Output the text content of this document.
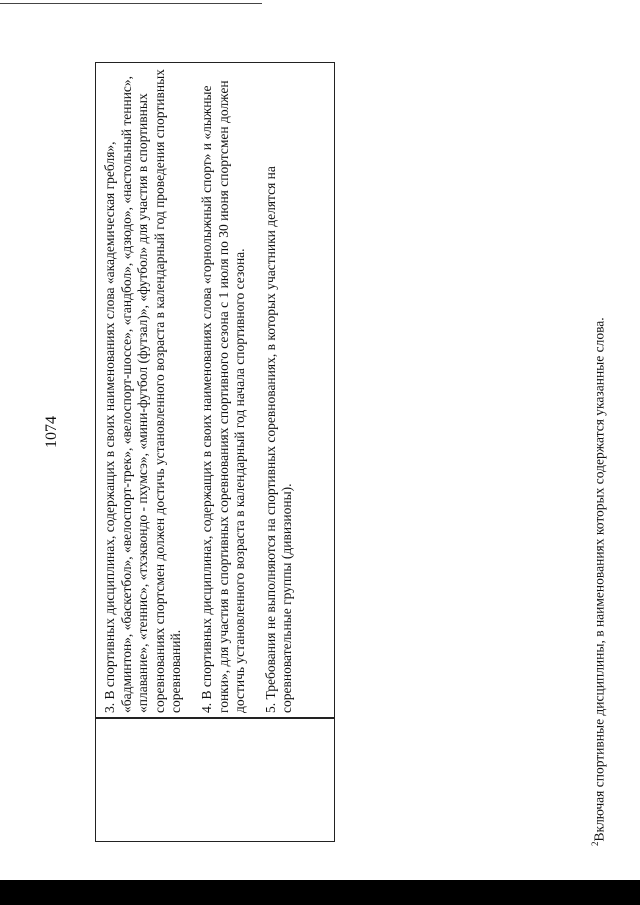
1074	3. В спортивных дисциплинах, содержащих в своих наименованиях слова «академическая гребля», «бадминтон», «баскетбол», «велоспорт-трек», «велоспорт-шоссе», «гандбол», «дзюдо», «настольный теннис», «плавание», «теннис», «тхэквондо - пхумсэ», «мини-футбол (футзал)», «футбол» для участия в спортивных соревнованиях спортсмен должен достичь установленного возраста в календарный год проведения спортивных соревнований. 4. В спортивных дисциплинах, содержащих в своих наименованиях слова «горнолыжный спорт» и «лыжные гонки», для участия в спортивных соревнованиях спортивного сезона с 1 июля по 30 июня спортсмен должен достичь установленного возраста в календарный год начала спортивного сезона. 5. Требования не выполняются на спортивных соревнованиях, в которых участники делятся на соревновательные группы (дивизионы).

$^2$Включая спортивные дисциплины, в наименованиях которых содержатся указанные слова.
